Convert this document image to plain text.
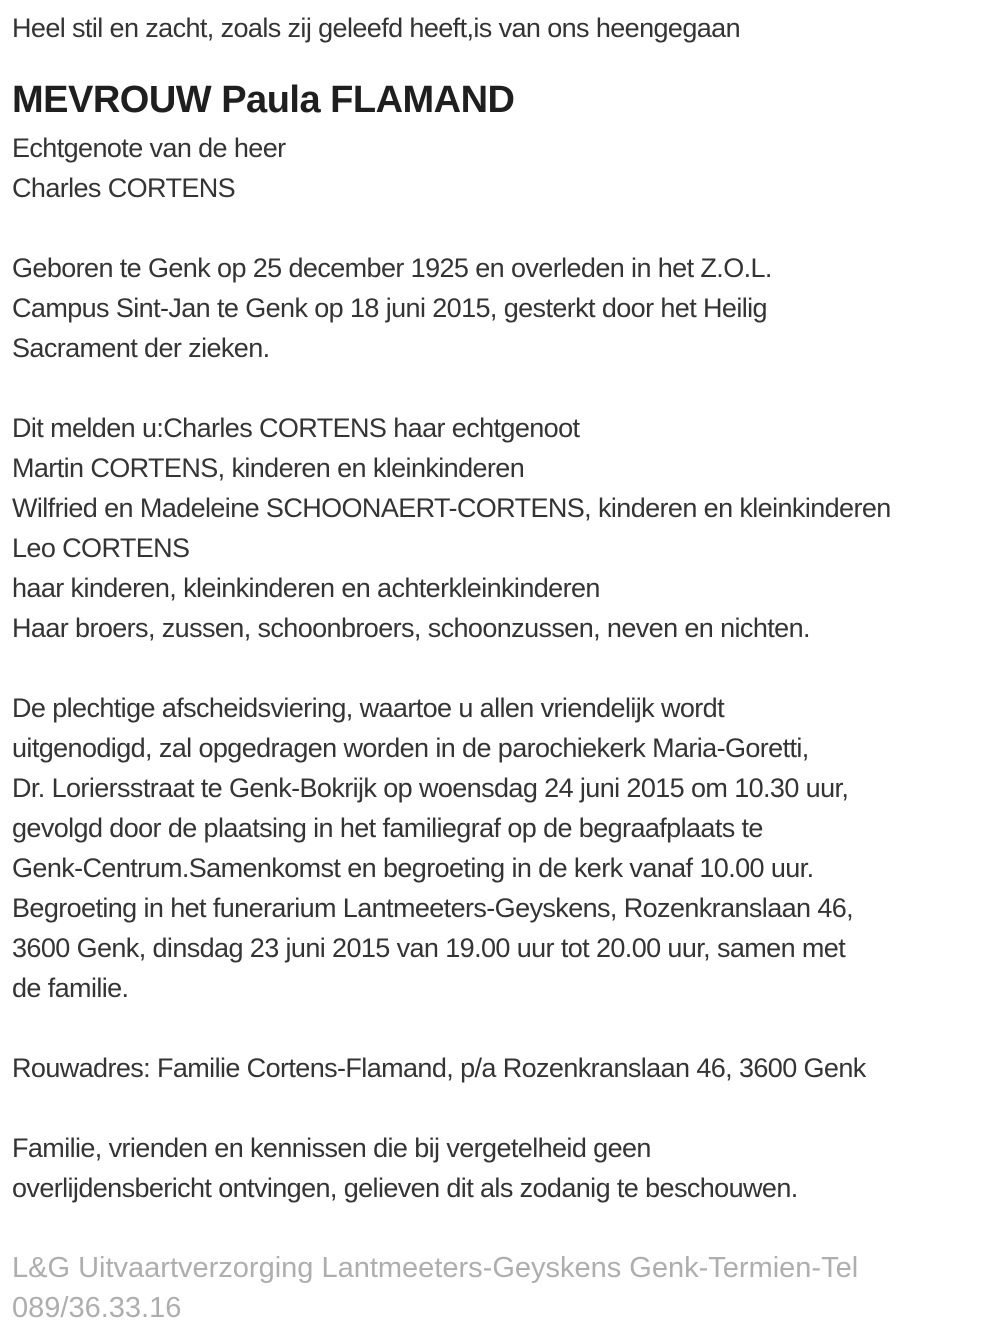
Heel stil en zacht, zoals zij geleefd heeft,is van ons heengegaan
MEVROUW Paula FLAMAND
Echtgenote van de heer
Charles CORTENS
Geboren te Genk op 25 december 1925 en overleden in het Z.O.L.
Campus Sint-Jan te Genk op 18 juni 2015, gesterkt door het Heilig
Sacrament der zieken.
Dit melden u:Charles CORTENS haar echtgenoot
Martin CORTENS, kinderen en kleinkinderen
Wilfried en Madeleine SCHOONAERT-CORTENS, kinderen en kleinkinderen
Leo CORTENS
haar kinderen, kleinkinderen en achterkleinkinderen
Haar broers, zussen, schoonbroers, schoonzussen, neven en nichten.
De plechtige afscheidsviering, waartoe u allen vriendelijk wordt
uitgenodigd, zal opgedragen worden in de parochiekerk Maria-Goretti,
Dr. Loriersstraat te Genk-Bokrijk op woensdag 24 juni 2015 om 10.30 uur,
gevolgd door de plaatsing in het familiegraf op de begraafplaats te
Genk-Centrum.Samenkomst en begroeting in de kerk vanaf 10.00 uur.
Begroeting in het funerarium Lantmeeters-Geyskens, Rozenkranslaan 46,
3600 Genk, dinsdag 23 juni 2015 van 19.00 uur tot 20.00 uur, samen met
de familie.
Rouwadres: Familie Cortens-Flamand, p/a Rozenkranslaan 46, 3600 Genk
Familie, vrienden en kennissen die bij vergetelheid geen
overlijdensbericht ontvingen, gelieven dit als zodanig te beschouwen.
L&G Uitvaartverzorging Lantmeeters-Geyskens Genk-Termien-Tel
089/36.33.16
